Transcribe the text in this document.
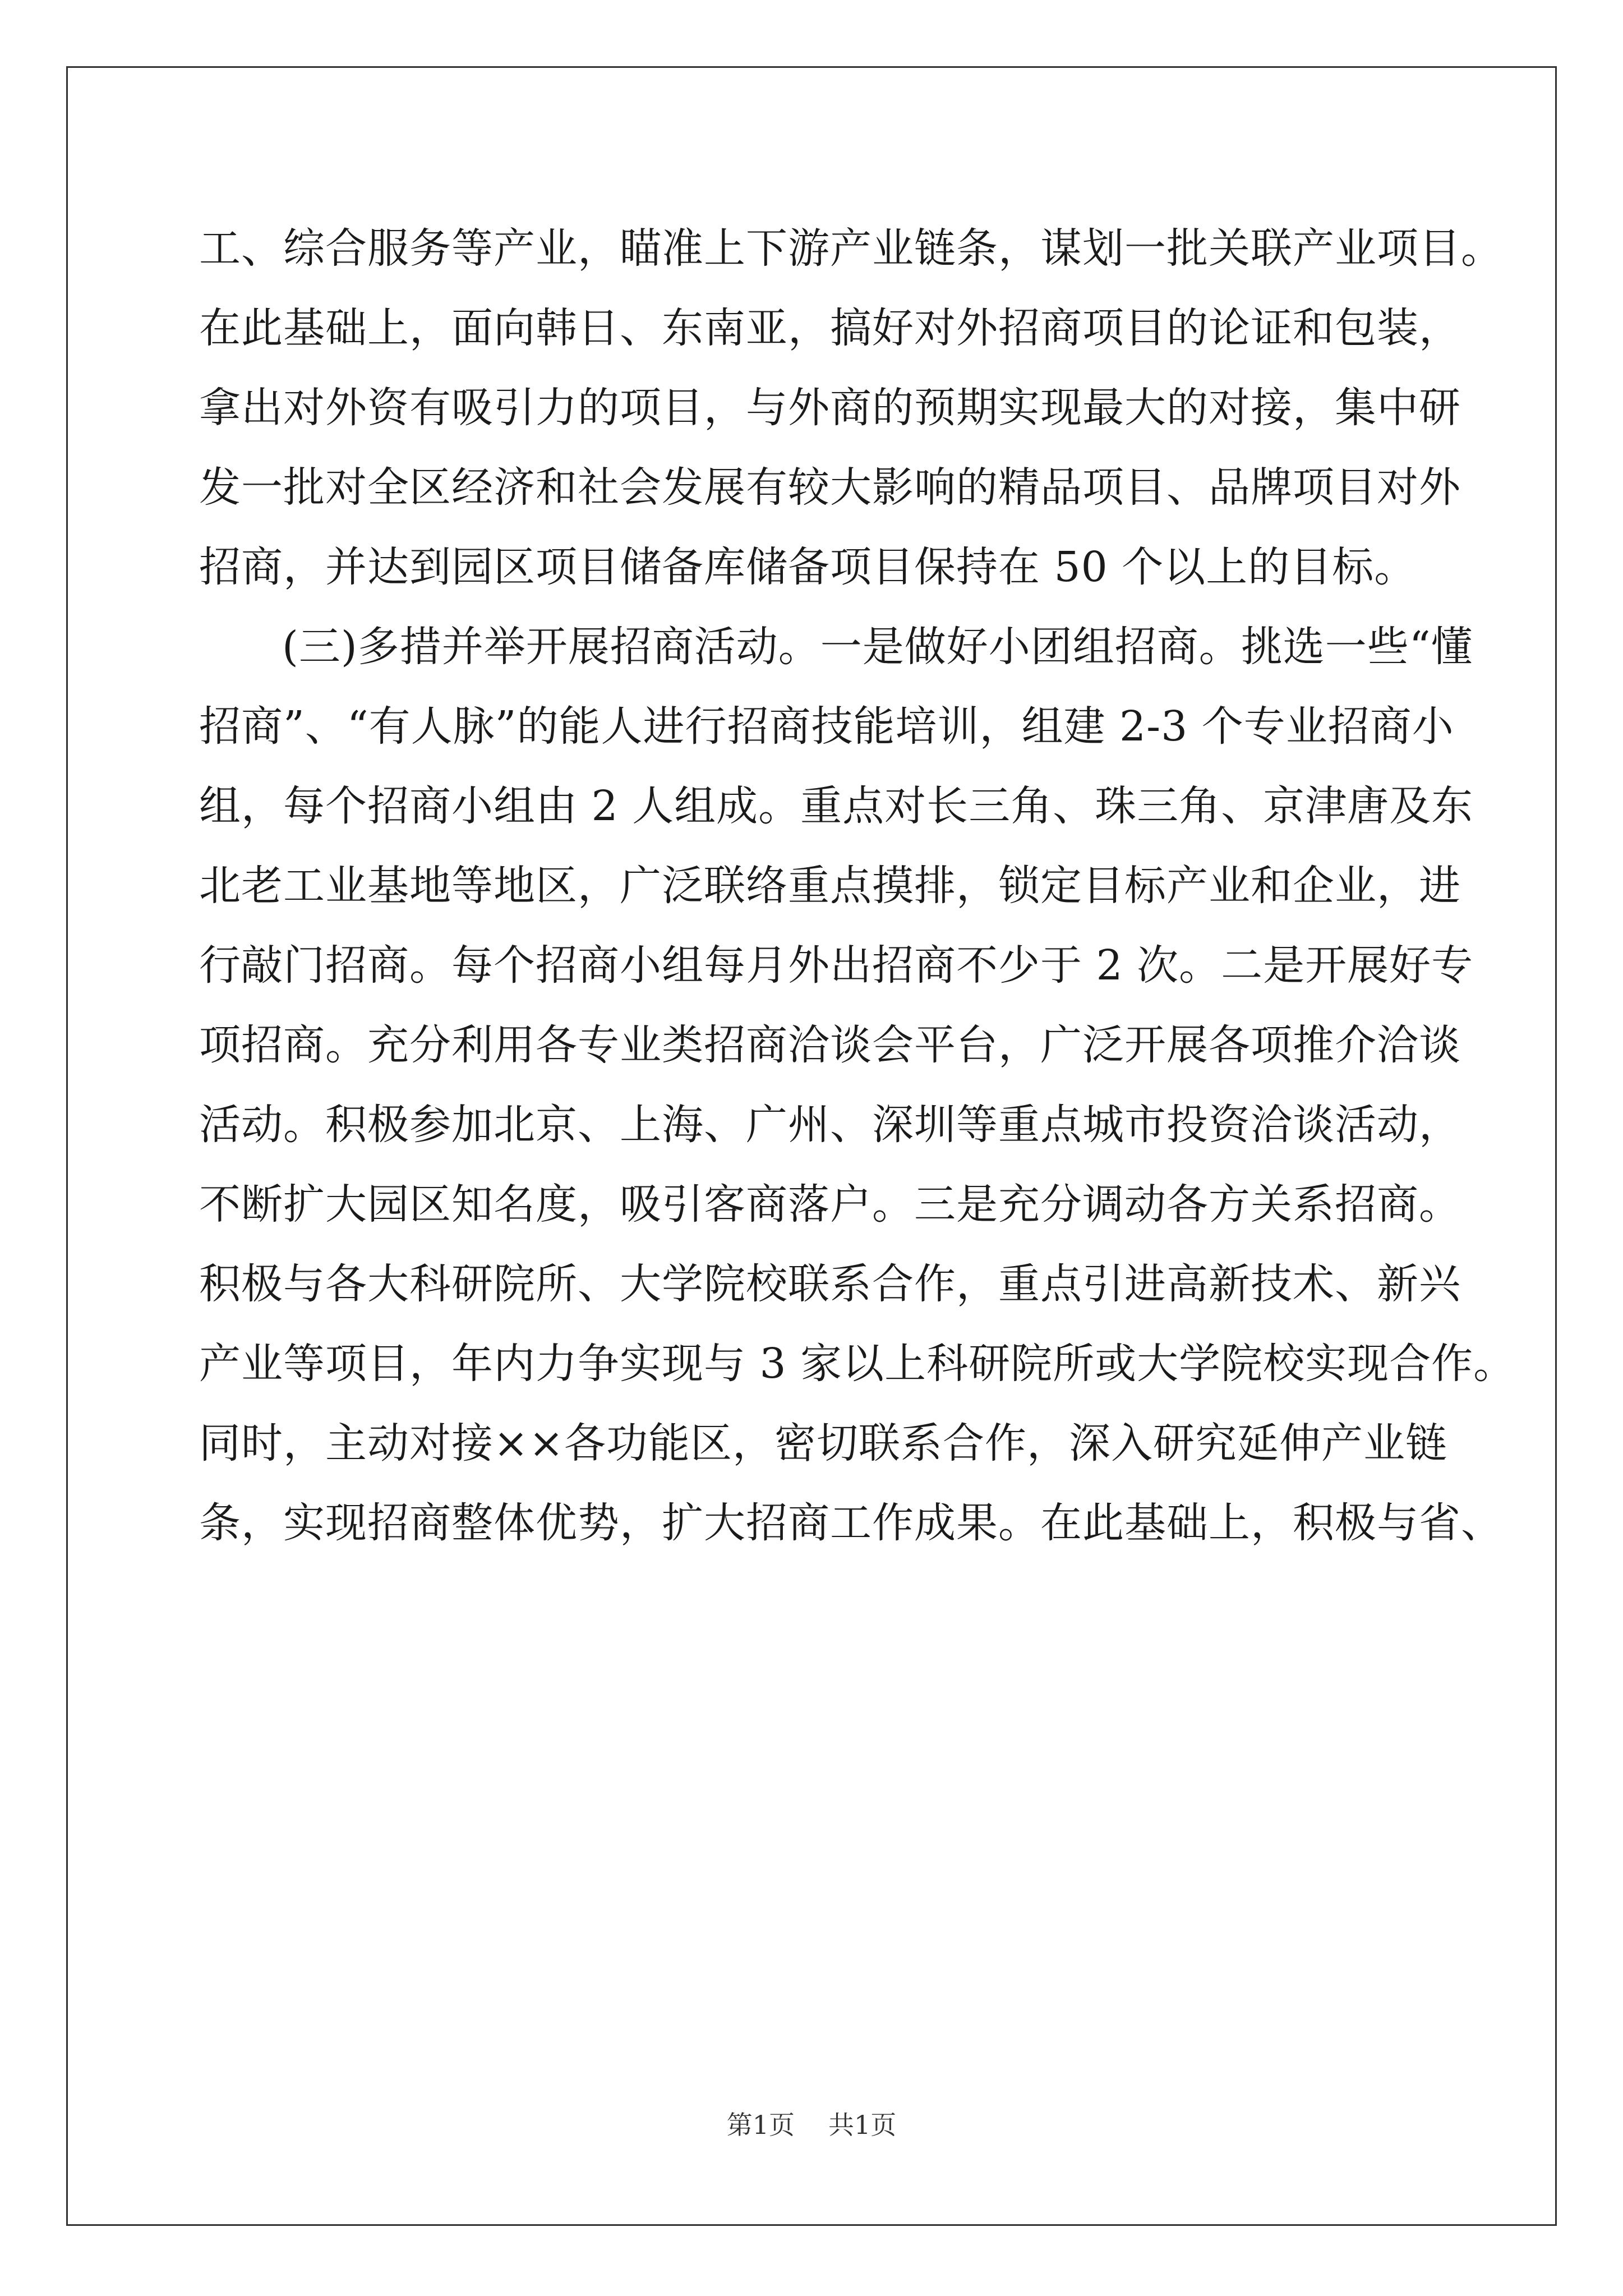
工、综合服务等产业，瞄准上下游产业链条，谋划一批关联产业项目。
在此基础上，面向韩日、东南亚，搞好对外招商项目的论证和包装，
拿出对外资有吸引力的项目，与外商的预期实现最大的对接，集中研
发一批对全区经济和社会发展有较大影响的精品项目、品牌项目对外
招商，并达到园区项目储备库储备项目保持在 50 个以上的目标。
(三)多措并举开展招商活动。一是做好小团组招商。挑选一些“懂
招商”、“有人脉”的能人进行招商技能培训，组建 2-3 个专业招商小
组，每个招商小组由 2 人组成。重点对长三角、珠三角、京津唐及东
北老工业基地等地区，广泛联络重点摸排，锁定目标产业和企业，进
行敲门招商。每个招商小组每月外出招商不少于 2 次。二是开展好专
项招商。充分利用各专业类招商洽谈会平台，广泛开展各项推介洽谈
活动。积极参加北京、上海、广州、深圳等重点城市投资洽谈活动，
不断扩大园区知名度，吸引客商落户。三是充分调动各方关系招商。
积极与各大科研院所、大学院校联系合作，重点引进高新技术、新兴
产业等项目，年内力争实现与 3 家以上科研院所或大学院校实现合作。
同时，主动对接××各功能区，密切联系合作，深入研究延伸产业链
条，实现招商整体优势，扩大招商工作成果。在此基础上，积极与省、
第1页 共1页
